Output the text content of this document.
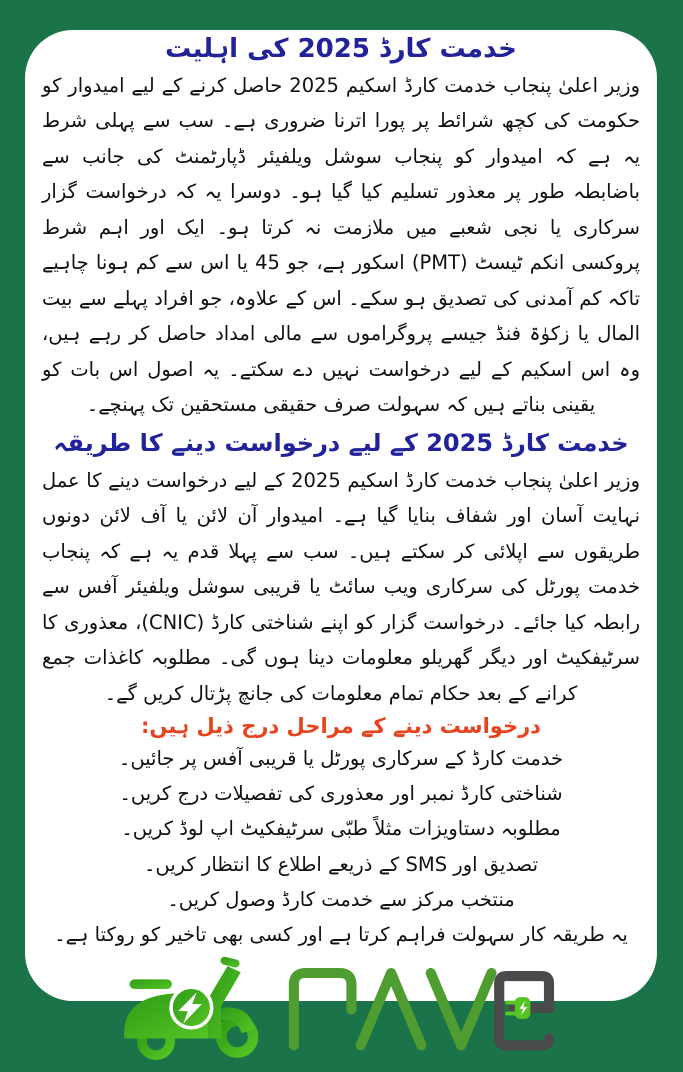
خدمت کارڈ 2025 کی اہلیت

وزیر اعلیٰ پنجاب خدمت کارڈ اسکیم 2025 حاصل کرنے کے لیے امیدوار کو حکومت کی کچھ شرائط پر پورا اترنا ضروری ہے۔ سب سے پہلی شرط یہ ہے کہ امیدوار کو پنجاب سوشل ویلفیئر ڈپارٹمنٹ کی جانب سے باضابطہ طور پر معذور تسلیم کیا گیا ہو۔ دوسرا یہ کہ درخواست گزار سرکاری یا نجی شعبے میں ملازمت نہ کرتا ہو۔ ایک اور اہم شرط پروکسی انکم ٹیسٹ (PMT) اسکور ہے، جو 45 یا اس سے کم ہونا چاہیے تاکہ کم آمدنی کی تصدیق ہو سکے۔ اس کے علاوہ، جو افراد پہلے سے بیت المال یا زکوٰۃ فنڈ جیسے پروگراموں سے مالی امداد حاصل کر رہے ہیں، وہ اس اسکیم کے لیے درخواست نہیں دے سکتے۔ یہ اصول اس بات کو یقینی بناتے ہیں کہ سہولت صرف حقیقی مستحقین تک پہنچے۔

خدمت کارڈ 2025 کے لیے درخواست دینے کا طریقہ

وزیر اعلیٰ پنجاب خدمت کارڈ اسکیم 2025 کے لیے درخواست دینے کا عمل نہایت آسان اور شفاف بنایا گیا ہے۔ امیدوار آن لائن یا آف لائن دونوں طریقوں سے اپلائی کر سکتے ہیں۔ سب سے پہلا قدم یہ ہے کہ پنجاب خدمت پورٹل کی سرکاری ویب سائٹ یا قریبی سوشل ویلفیئر آفس سے رابطہ کیا جائے۔ درخواست گزار کو اپنے شناختی کارڈ (CNIC)، معذوری کا سرٹیفکیٹ اور دیگر گھریلو معلومات دینا ہوں گی۔ مطلوبہ کاغذات جمع کرانے کے بعد حکام تمام معلومات کی جانچ پڑتال کریں گے۔

درخواست دینے کے مراحل درج ذیل ہیں:
خدمت کارڈ کے سرکاری پورٹل یا قریبی آفس پر جائیں۔
شناختی کارڈ نمبر اور معذوری کی تفصیلات درج کریں۔
مطلوبہ دستاویزات مثلاً طبّی سرٹیفکیٹ اپ لوڈ کریں۔
تصدیق اور SMS کے ذریعے اطلاع کا انتظار کریں۔
منتخب مرکز سے خدمت کارڈ وصول کریں۔

یہ طریقہ کار سہولت فراہم کرتا ہے اور کسی بھی تاخیر کو روکتا ہے۔
